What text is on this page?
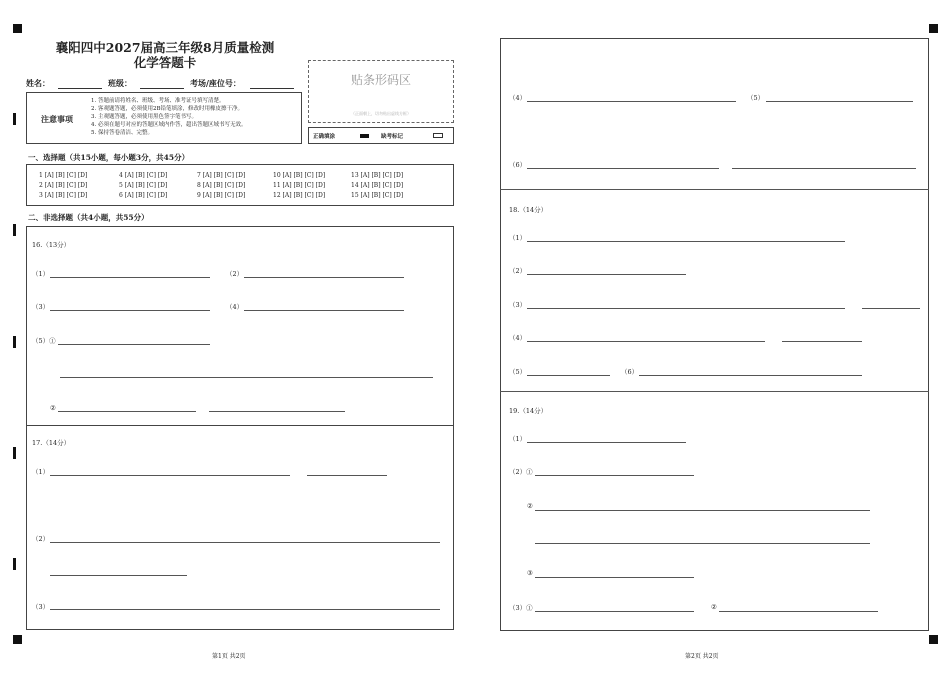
襄阳四中2027届高三年级8月质量检测
化学答题卡
姓名：	班级：	考场/座位号：
注意事项
1. 答题前请将姓名、班级、考场、准考证号填写清楚。
2. 客观题答题，必须使用2B铅笔填涂，修改时用橡皮擦干净。
3. 主观题答题，必须使用黑色签字笔书写。
4. 必须在题号对应的答题区域内作答，超出答题区域书写无效。
5. 保持答卷清洁、完整。
贴条形码区
（正面朝上，切勿贴出虚线方框）
正确填涂	缺考标记
一、选择题（共15小题，每小题3分，共45分）
1 [A] [B] [C] [D]
2 [A] [B] [C] [D]
3 [A] [B] [C] [D]
4 [A] [B] [C] [D]
5 [A] [B] [C] [D]
6 [A] [B] [C] [D]
7 [A] [B] [C] [D]
8 [A] [B] [C] [D]
9 [A] [B] [C] [D]
10 [A] [B] [C] [D]
11 [A] [B] [C] [D]
12 [A] [B] [C] [D]
13 [A] [B] [C] [D]
14 [A] [B] [C] [D]
15 [A] [B] [C] [D]
二、非选择题（共4小题，共55分）
16.（13分）
（1）	（2）
（3）	（4）
（5）①
②
17.（14分）
（1）
（2）
（3）
第1页 共2页
（4）	（5）
（6）
18.（14分）
（1）
（2）
（3）
（4）
（5）	（6）
19.（14分）
（1）
（2）①
②
③
（3）①	②
第2页 共2页
